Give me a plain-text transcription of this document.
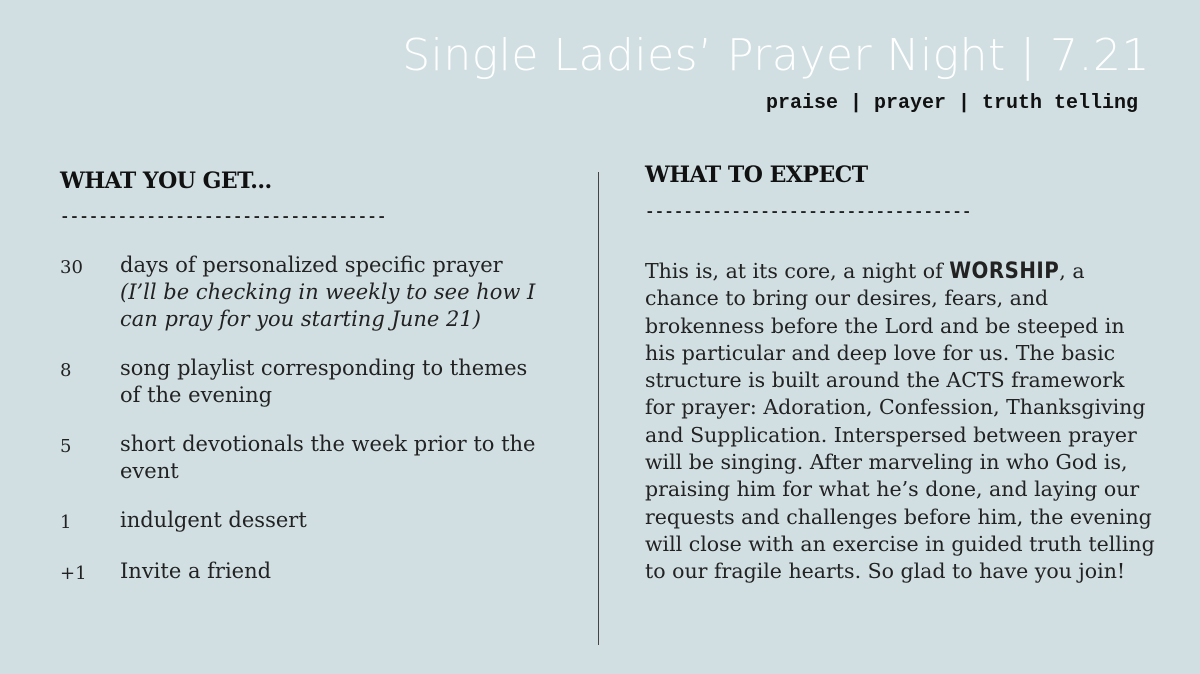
Single Ladies’ Prayer Night | 7.21
praise | prayer | truth telling
WHAT YOU GET...
----------------------------------
30	days of personalized specific prayer
(I’ll be checking in weekly to see how I can pray for you starting June 21)
8	song playlist corresponding to themes of the evening
5	short devotionals the week prior to the event
1	indulgent dessert
+1	Invite a friend
WHAT TO EXPECT
----------------------------------
This is, at its core, a night of WORSHIP, a chance to bring our desires, fears, and brokenness before the Lord and be steeped in his particular and deep love for us. The basic structure is built around the ACTS framework for prayer: Adoration, Confession, Thanksgiving and Supplication. Interspersed between prayer will be singing. After marveling in who God is, praising him for what he’s done, and laying our requests and challenges before him, the evening will close with an exercise in guided truth telling to our fragile hearts. So glad to have you join!
